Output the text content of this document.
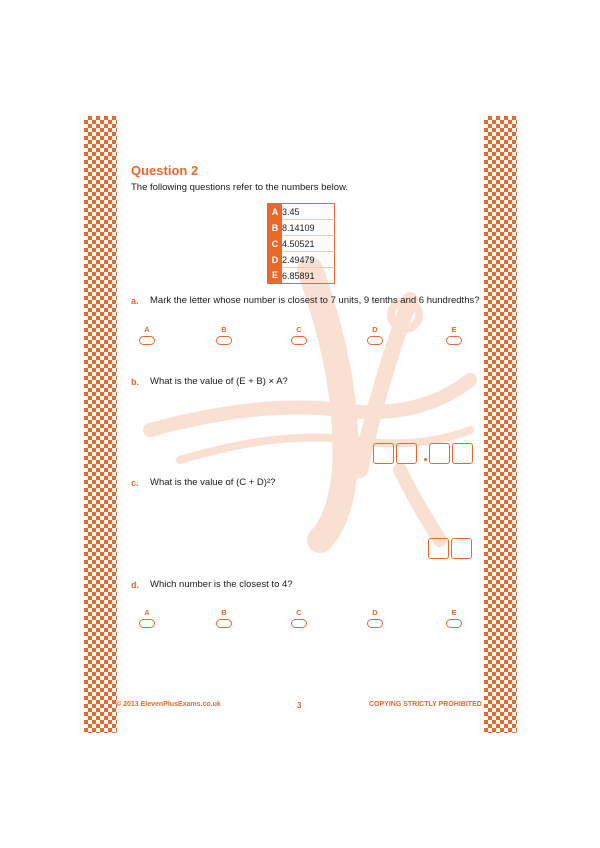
Question 2
The following questions refer to the numbers below.
A	3.45
B	8.14109
C	4.50521
D	2.49479
E	6.85891
a. Mark the letter whose number is closest to 7 units, 9 tenths and 6 hundredths?
A	B	C	D	E
b. What is the value of (E + B) × A?
c. What is the value of (C + D)²?
d. Which number is the closest to 4?
A	B	C	D	E
© 2013 ElevenPlusExams.co.uk	3	COPYING STRICTLY PROHIBITED
